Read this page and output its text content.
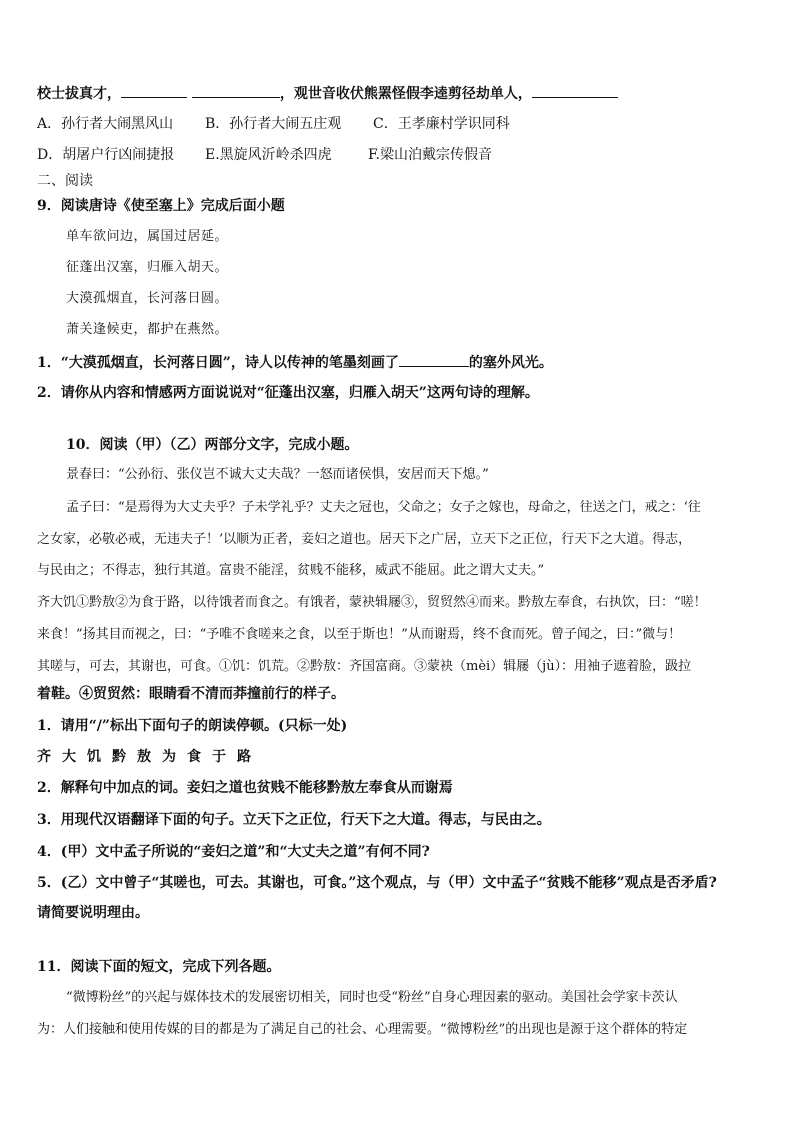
校士拔真才，	，观世音收伏熊罴怪假李逵剪径劫单人，
A．孙行者大闹黑风山 B．孙行者大闹五庄观 C．王孝廉村学识同科
D．胡屠户行凶闹捷报 E.黑旋风沂岭杀四虎	F.梁山泊戴宗传假音
二、阅读
9．阅读唐诗《使至塞上》完成后面小题
单车欲问边，属国过居延。
征蓬出汉塞，归雁入胡天。
大漠孤烟直，长河落日圆。
萧关逢候吏，都护在燕然。
1．“大漠孤烟直，长河落日圆”，诗人以传神的笔墨刻画了	的塞外风光。
2．请你从内容和情感两方面说说对“征蓬出汉塞，归雁入胡天”这两句诗的理解。
10．阅读（甲）（乙）两部分文字，完成小题。
景春曰：“公孙衍、张仪岂不诚大丈夫哉？一怒而诸侯惧，安居而天下熄。”
孟子曰：“是焉得为大丈夫乎？子未学礼乎？丈夫之冠也，父命之；女子之嫁也，母命之，往送之门，戒之：‘往
之女家，必敬必戒，无违夫子！’以顺为正者，妾妇之道也。居天下之广居，立天下之正位，行天下之大道。得志，
与民由之；不得志，独行其道。富贵不能淫，贫贱不能移，威武不能屈。此之谓大丈夫。”
齐大饥①黔敖②为食于路，以待饿者而食之。有饿者，蒙袂辑屦③，贸贸然④而来。黔敖左奉食，右执饮，曰：“嗟！
来食！”扬其目而视之，曰：“予唯不食嗟来之食，以至于斯也！”从而谢焉，终不食而死。曾子闻之，曰：”微与！
其嗟与，可去，其谢也，可食。①饥：饥荒。②黔敖：齐国富商。③蒙袂（mèi）辑屦（jù）：用袖子遮着脸，趿拉
着鞋。④贸贸然：眼睛看不清而莽撞前行的样子。
1．请用“/”标出下面句子的朗读停顿。(只标一处)
齐大饥黔敖为食于路
2．解释句中加点的词。妾妇之道也贫贱不能移黔敖左奉食从而谢焉
3．用现代汉语翻译下面的句子。立天下之正位，行天下之大道。得志，与民由之。
4．(甲）文中孟子所说的“妾妇之道”和“大丈夫之道”有何不同?
5．(乙）文中曾子“其嗟也，可去。其谢也，可食。”这个观点，与（甲）文中孟子“贫贱不能移”观点是否矛盾?
请简要说明理由。
11．阅读下面的短文，完成下列各题。
“微博粉丝”的兴起与媒体技术的发展密切相关，同时也受“粉丝”自身心理因素的驱动。美国社会学家卡茨认
为：人们接触和使用传媒的目的都是为了满足自己的社会、心理需要。“微博粉丝”的出现也是源于这个群体的特定
